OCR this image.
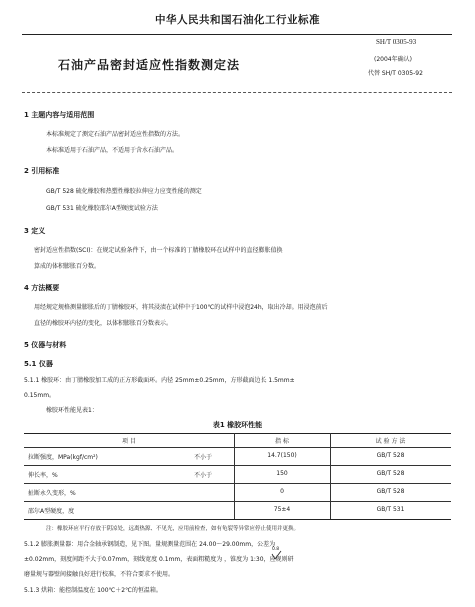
中华人民共和国石油化工行业标准
SH/T 0305-93
石油产品密封适应性指数测定法	(2004年确认)
代替 SH/T 0305-92
1 主题内容与适用范围
本标准规定了测定石油产品密封适应性指数的方法。
本标准适用于石油产品，不适用于含水石油产品。
2 引用标准
GB/T 528 硫化橡胶和热塑性橡胶拉伸应力应变性能的测定
GB/T 531 硫化橡胶邵尔A型硬度试验方法
3 定义
密封适应性指数(SCI)：在规定试验条件下，由一个标准的丁腈橡胶环在试样中的直径膨胀值换
算成的体积膨胀百分数。
4 方法概要
用经规定规格测量膨胀后的丁腈橡胶环，将其浸渍在试样中于100℃的试样中浸泡24h，取出冷却。用浸泡前后
直径的橡胶环内径的变化，以体积膨胀百分数表示。
5 仪器与材料
5.1 仪器
5.1.1 橡胶环：由丁腈橡胶加工成的正方形截面环。内径 25mm±0.25mm，方形截面边长 1.5mm±
0.15mm。
橡胶环性能见表1：
表1 橡胶环性能
项 目	指 标	试 验 方 法
拉断强度，MPa(kgf/cm²)	不小于	14.7(150)	GB/T 528
伸长率，%	不小于	150	GB/T 528
扯断永久变形，%	0	GB/T 528
邵尔A型硬度，度	75±4	GB/T 531
注：橡胶环应平行存放于阴凉处，远离热源、不见光，应用前检查，如有龟裂等异常应停止使用并更换。
5.1.2 膨胀测量器：用合金轴承钢制造，见下图。量规测量范围在 24.00～29.00mm，公差为
±0.02mm，刻度间距不大于0.07mm，刻线宽度 0.1mm，表面粗糙度为 ，锥度为 1:30，应规则研
0.8
磨量规与器壁间接触良好进行校准，不符合要求不使用。
5.1.3 烘箱：能控制温度在 100℃＋2℃的恒温箱。
